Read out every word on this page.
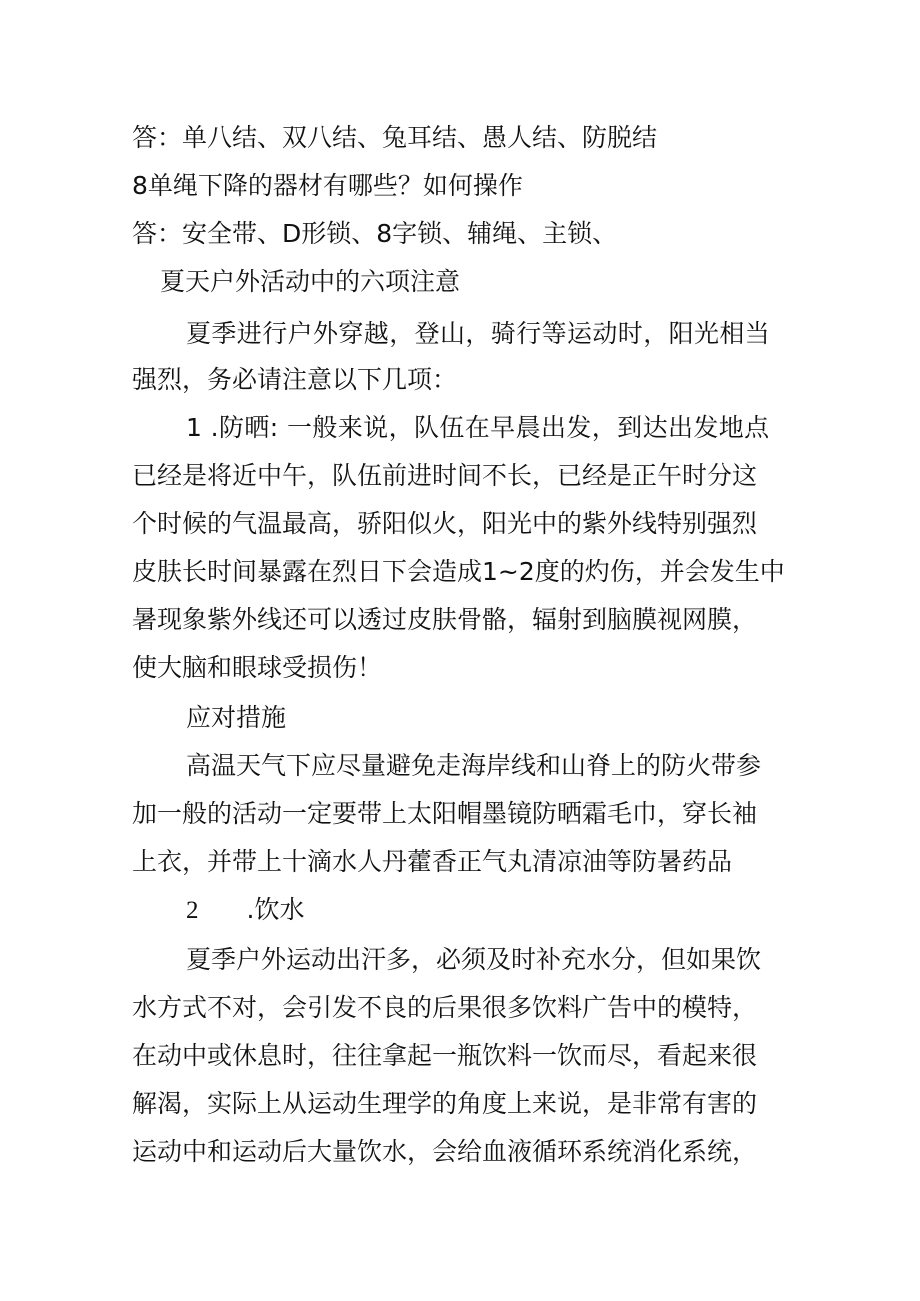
答：单八结、双八结、兔耳结、愚人结、防脱结
8单绳下降的器材有哪些？如何操作
答：安全带、D形锁、8字锁、辅绳、主锁、
夏天户外活动中的六项注意
夏季进行户外穿越，登山，骑行等运动时，阳光相当
强烈，务必请注意以下几项：
1 .防晒: 一般来说，队伍在早晨出发，到达出发地点
已经是将近中午，队伍前进时间不长，已经是正午时分这
个时候的气温最高，骄阳似火，阳光中的紫外线特别强烈
皮肤长时间暴露在烈日下会造成1~2度的灼伤，并会发生中
暑现象紫外线还可以透过皮肤骨骼，辐射到脑膜视网膜，
使大脑和眼球受损伤！
应对措施
高温天气下应尽量避免走海岸线和山脊上的防火带参
加一般的活动一定要带上太阳帽墨镜防晒霜毛巾，穿长袖
上衣，并带上十滴水人丹藿香正气丸清凉油等防暑药品
2 .饮水
夏季户外运动出汗多，必须及时补充水分，但如果饮
水方式不对，会引发不良的后果很多饮料广告中的模特，
在动中或休息时，往往拿起一瓶饮料一饮而尽，看起来很
解渴，实际上从运动生理学的角度上来说，是非常有害的
运动中和运动后大量饮水，会给血液循环系统消化系统，
